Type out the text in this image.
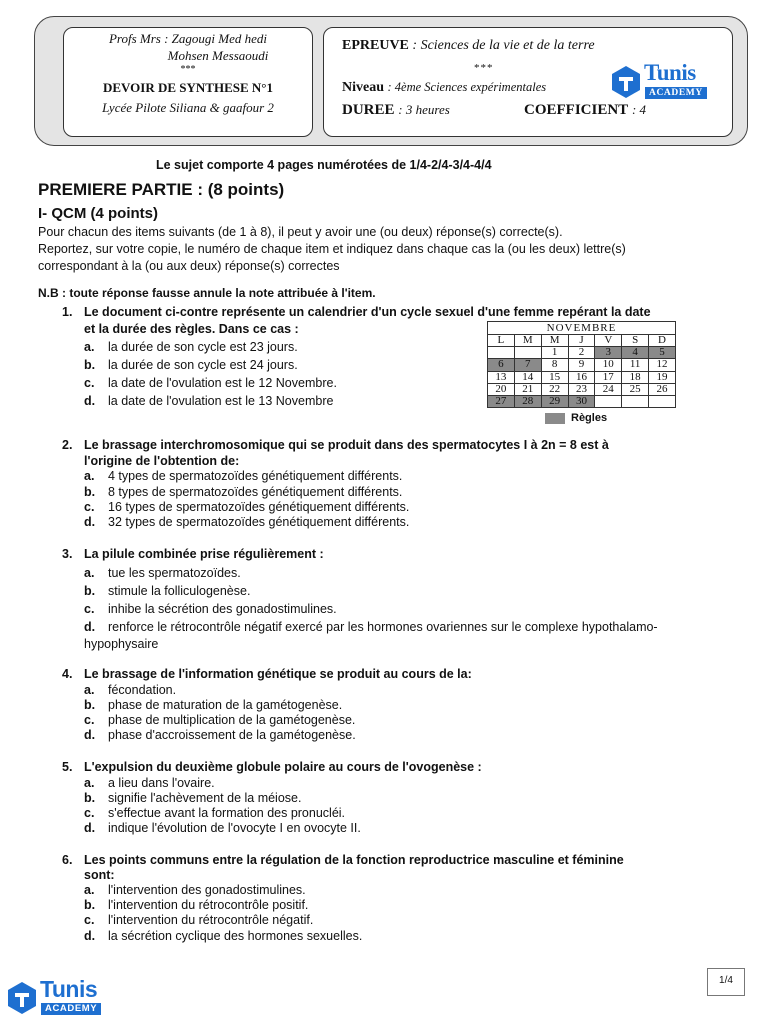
Profs Mrs : Zagougi Med hedi
Mohsen Messaoudi
***
DEVOIR DE SYNTHESE N°1
Lycée Pilote Siliana & gaafour 2
EPREUVE : Sciences de la vie et de la terre
***
Niveau : 4ème Sciences expérimentales
DUREE : 3 heures	COEFFICIENT : 4
Tunis
ACADEMY
Le sujet comporte 4 pages numérotées de 1/4-2/4-3/4-4/4
PREMIERE PARTIE : (8 points)
I- QCM (4 points)
Pour chacun des items suivants (de 1 à 8), il peut y avoir une (ou deux) réponse(s) correcte(s).
Reportez, sur votre copie, le numéro de chaque item et indiquez dans chaque cas la (ou les deux) lettre(s)
correspondant à la (ou aux deux) réponse(s) correctes
N.B : toute réponse fausse annule la note attribuée à l'item.
1. Le document ci-contre représente un calendrier d'un cycle sexuel d'une femme repérant la date
et la durée des règles. Dans ce cas :
a. la durée de son cycle est 23 jours.
b. la durée de son cycle est 24 jours.
c. la date de l'ovulation est le 12 Novembre.
d. la date de l'ovulation est le 13 Novembre
NOVEMBRE
L	M	M	J	V	S	D
		1	2	3	4	5
6	7	8	9	10	11	12
13	14	15	16	17	18	19
20	21	22	23	24	25	26
27	28	29	30			
Règles
2. Le brassage interchromosomique qui se produit dans des spermatocytes I à 2n = 8 est à
l'origine de l'obtention de:
a. 4 types de spermatozoïdes génétiquement différents.
b. 8 types de spermatozoïdes génétiquement différents.
c. 16 types de spermatozoïdes génétiquement différents.
d. 32 types de spermatozoïdes génétiquement différents.
3. La pilule combinée prise régulièrement :
a. tue les spermatozoïdes.
b. stimule la folliculogenèse.
c. inhibe la sécrétion des gonadostimulines.
d. renforce le rétrocontrôle négatif exercé par les hormones ovariennes sur le complexe hypothalamo-
hypophysaire
4. Le brassage de l'information génétique se produit au cours de la:
a. fécondation.
b. phase de maturation de la gamétogenèse.
c. phase de multiplication de la gamétogenèse.
d. phase d'accroissement de la gamétogenèse.
5. L'expulsion du deuxième globule polaire au cours de l'ovogenèse :
a. a lieu dans l'ovaire.
b. signifie l'achèvement de la méiose.
c. s'effectue avant la formation des pronucléi.
d. indique l'évolution de l'ovocyte I en ovocyte II.
6. Les points communs entre la régulation de la fonction reproductrice masculine et féminine
sont:
a. l'intervention des gonadostimulines.
b. l'intervention du rétrocontrôle positif.
c. l'intervention du rétrocontrôle négatif.
d. la sécrétion cyclique des hormones sexuelles.
Tunis
ACADEMY
1/4
